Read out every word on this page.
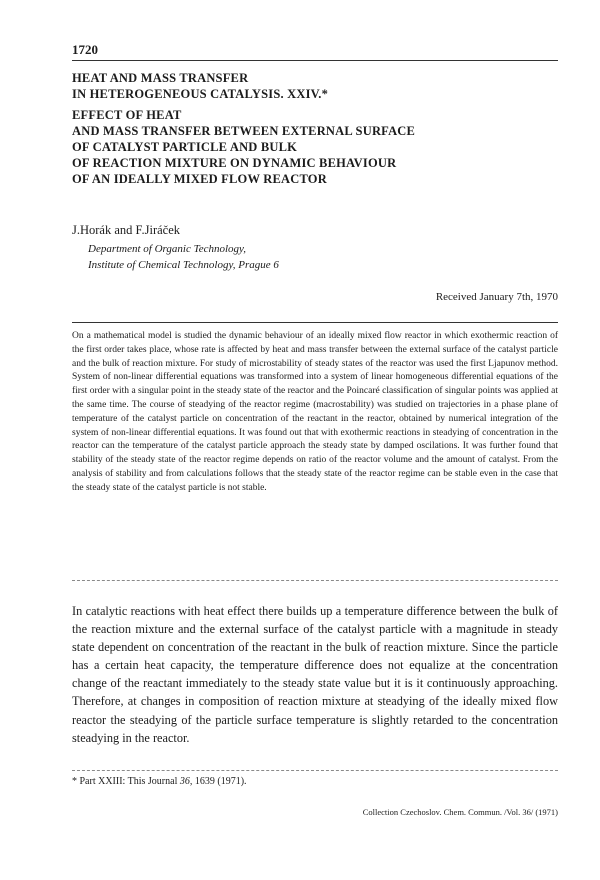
1720
HEAT AND MASS TRANSFER
IN HETEROGENEOUS CATALYSIS. XXIV.*
EFFECT OF HEAT
AND MASS TRANSFER BETWEEN EXTERNAL SURFACE
OF CATALYST PARTICLE AND BULK
OF REACTION MIXTURE ON DYNAMIC BEHAVIOUR
OF AN IDEALLY MIXED FLOW REACTOR
J.Horák and F.Jiráček
Department of Organic Technology,
Institute of Chemical Technology, Prague 6
Received January 7th, 1970

On a mathematical model is studied the dynamic behaviour of an ideally mixed flow reactor in which exothermic reaction of the first order takes place, whose rate is affected by heat and mass transfer between the external surface of the catalyst particle and the bulk of reaction mixture. For study of microstability of steady states of the reactor was used the first Ljapunov method. System of non-linear differential equations was transformed into a system of linear homogeneous differential equations of the first order with a singular point in the steady state of the reactor and the Poincaré classification of singular points was applied at the same time. The course of steadying of the reactor regime (macrostability) was studied on trajectories in a phase plane of temperature of the catalyst particle on concentration of the reactant in the reactor, obtained by numerical integration of the system of non-linear differential equations. It was found out that with exothermic reactions in steadying of concentration in the reactor can the temperature of the catalyst particle approach the steady state by damped oscilations. It was further found that stability of the steady state of the reactor regime depends on ratio of the reactor volume and the amount of catalyst. From the analysis of stability and from calculations follows that the steady state of the reactor regime can be stable even in the case that the steady state of the catalyst particle is not stable.

In catalytic reactions with heat effect there builds up a temperature difference between the bulk of the reaction mixture and the external surface of the catalyst particle with a magnitude in steady state dependent on concentration of the reactant in the bulk of reaction mixture. Since the particle has a certain heat capacity, the temperature difference does not equalize at the concentration change of the reactant immediately to the steady state value but it is it continuously approaching. Therefore, at changes in composition of reaction mixture at steadying of the ideally mixed flow reactor the steadying of the particle surface temperature is slightly retarded to the concentration steadying in the reactor.

* Part XXIII: This Journal 36, 1639 (1971).
Collection Czechoslov. Chem. Commun. /Vol. 36/ (1971)
